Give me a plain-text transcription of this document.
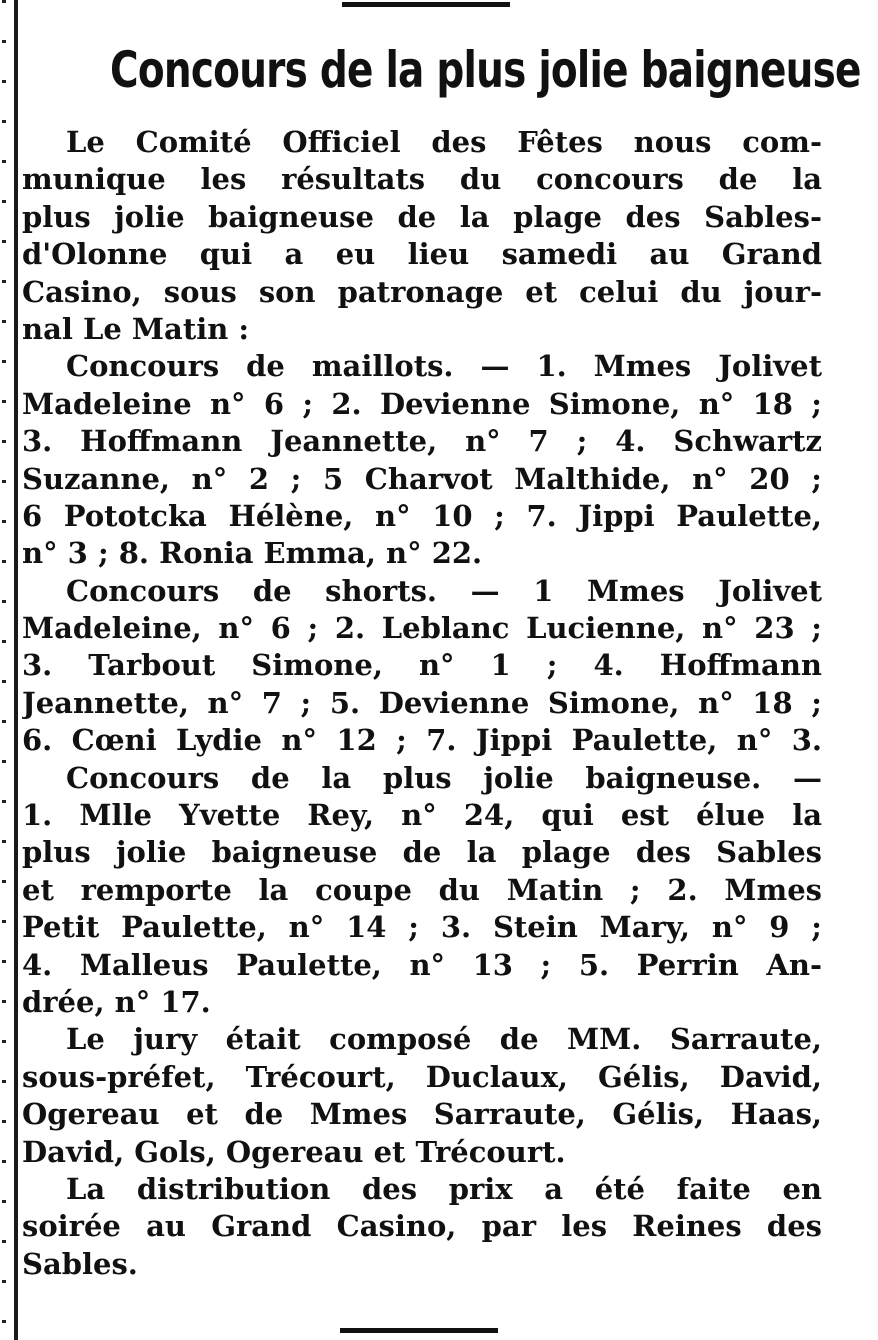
Concours de la plus jolie baigneuse
Le Comité Officiel des Fêtes nous com-
munique les résultats du concours de la
plus jolie baigneuse de la plage des Sables-
d'Olonne qui a eu lieu samedi au Grand
Casino, sous son patronage et celui du jour-
nal Le Matin :
Concours de maillots. — 1. Mmes Jolivet
Madeleine n° 6 ; 2. Devienne Simone, n° 18 ;
3. Hoffmann Jeannette, n° 7 ; 4. Schwartz
Suzanne, n° 2 ; 5 Charvot Malthide, n° 20 ;
6 Pototcka Hélène, n° 10 ; 7. Jippi Paulette,
n° 3 ; 8. Ronia Emma, n° 22.
Concours de shorts. — 1 Mmes Jolivet
Madeleine, n° 6 ; 2. Leblanc Lucienne, n° 23 ;
3. Tarbout Simone, n° 1 ; 4. Hoffmann
Jeannette, n° 7 ; 5. Devienne Simone, n° 18 ;
6. Cœni Lydie n° 12 ; 7. Jippi Paulette, n° 3.
Concours de la plus jolie baigneuse. —
1. Mlle Yvette Rey, n° 24, qui est élue la
plus jolie baigneuse de la plage des Sables
et remporte la coupe du Matin ; 2. Mmes
Petit Paulette, n° 14 ; 3. Stein Mary, n° 9 ;
4. Malleus Paulette, n° 13 ; 5. Perrin An-
drée, n° 17.
Le jury était composé de MM. Sarraute,
sous-préfet, Trécourt, Duclaux, Gélis, David,
Ogereau et de Mmes Sarraute, Gélis, Haas,
David, Gols, Ogereau et Trécourt.
La distribution des prix a été faite en
soirée au Grand Casino, par les Reines des
Sables.
